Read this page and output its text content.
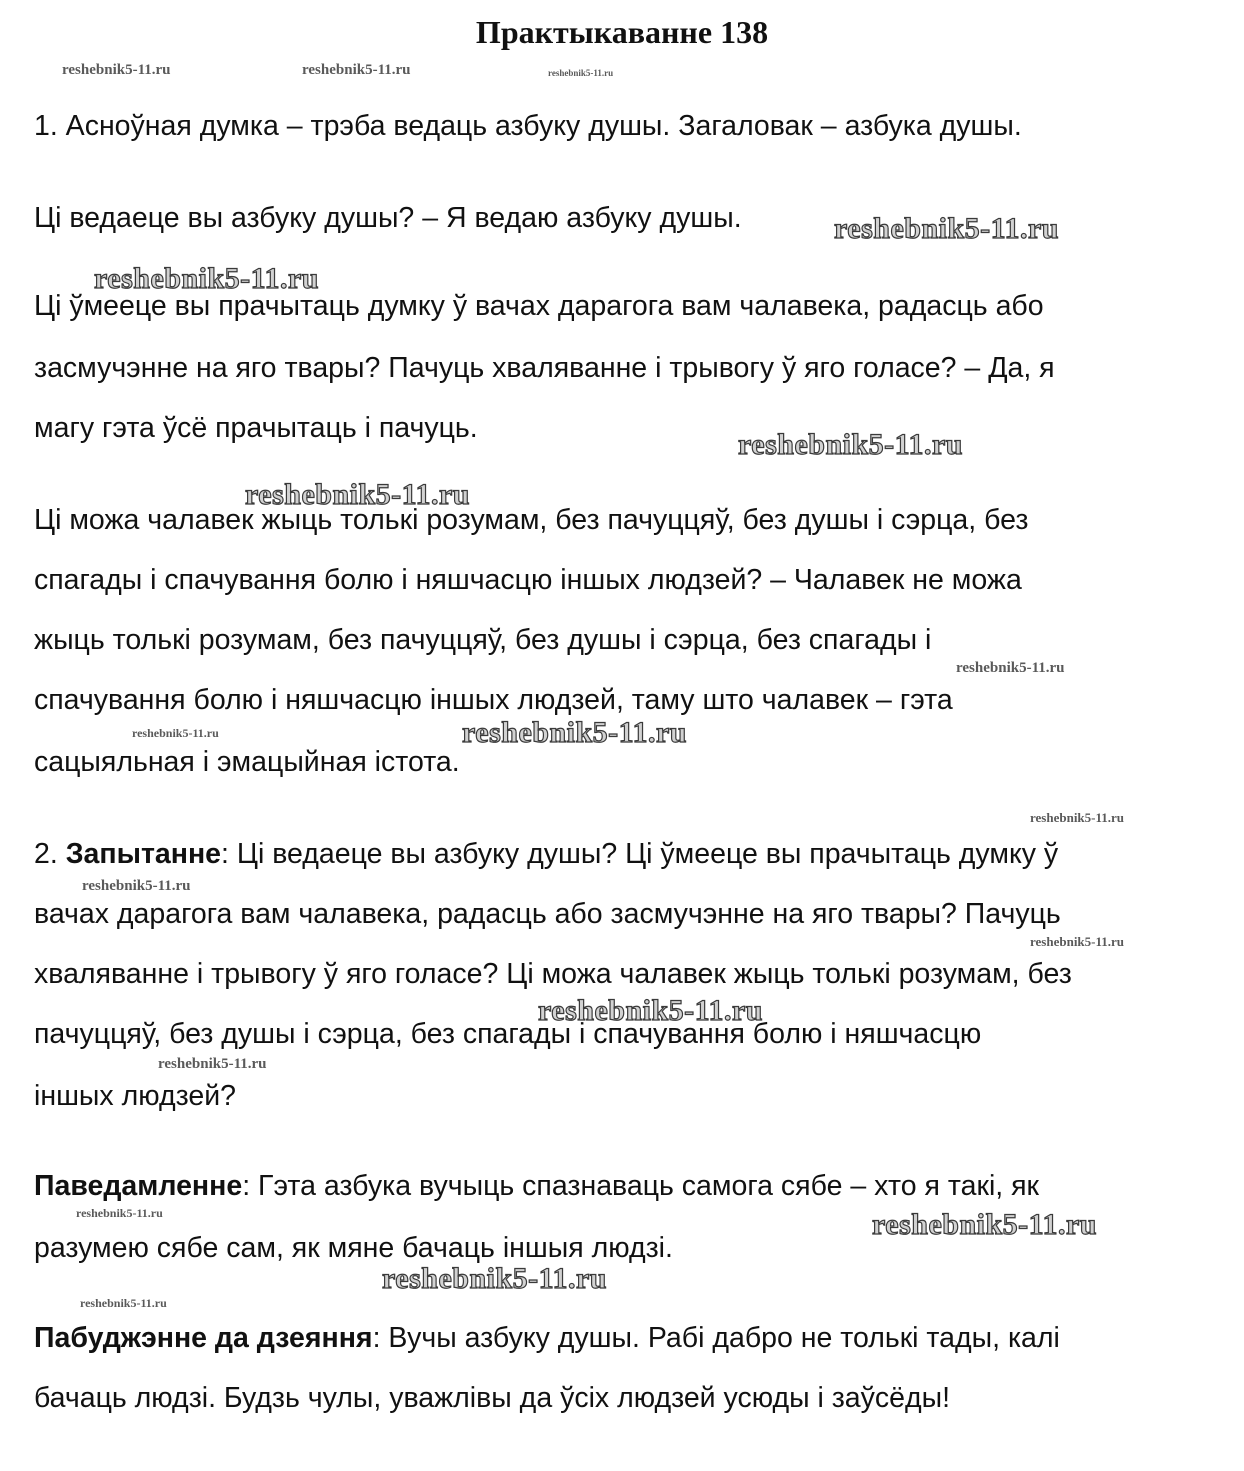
Практыкаванне 138
1. Асноўная думка – трэба ведаць азбуку душы. Загаловак – азбука душы.
Ці ведаеце вы азбуку душы? – Я ведаю азбуку душы.
Ці ўмееце вы прачытаць думку ў вачах дарагога вам чалавека, радасць або
засмучэнне на яго твары? Пачуць хваляванне і трывогу ў яго голасе? – Да, я
магу гэта ўсё прачытаць і пачуць.
Ці можа чалавек жыць толькі розумам, без пачуццяў, без душы і сэрца, без
спагады і спачування болю і няшчасцю іншых людзей? – Чалавек не можа
жыць толькі розумам, без пачуццяў, без душы і сэрца, без спагады і
спачування болю і няшчасцю іншых людзей, таму што чалавек – гэта
сацыяльная і эмацыйная істота.
2. Запытанне: Ці ведаеце вы азбуку душы? Ці ўмееце вы прачытаць думку ў
вачах дарагога вам чалавека, радасць або засмучэнне на яго твары? Пачуць
хваляванне і трывогу ў яго голасе? Ці можа чалавек жыць толькі розумам, без
пачуццяў, без душы і сэрца, без спагады і спачування болю і няшчасцю
іншых людзей?
Паведамленне: Гэта азбука вучыць спазнаваць самога сябе – хто я такі, як
разумею сябе сам, як мяне бачаць іншыя людзі.
Пабуджэнне да дзеяння: Вучы азбуку душы. Рабі дабро не толькі тады, калі
бачаць людзі. Будзь чулы, уважлівы да ўсіх людзей усюды і заўсёды!
reshebnik5-11.ru	reshebnik5-11.ru	reshebnik5-11.ru
reshebnik5-11.ru
reshebnik5-11.ru
reshebnik5-11.ru
reshebnik5-11.ru
reshebnik5-11.ru
reshebnik5-11.ru	reshebnik5-11.ru
reshebnik5-11.ru
reshebnik5-11.ru
reshebnik5-11.ru
reshebnik5-11.ru
reshebnik5-11.ru
reshebnik5-11.ru	reshebnik5-11.ru
reshebnik5-11.ru
reshebnik5-11.ru
